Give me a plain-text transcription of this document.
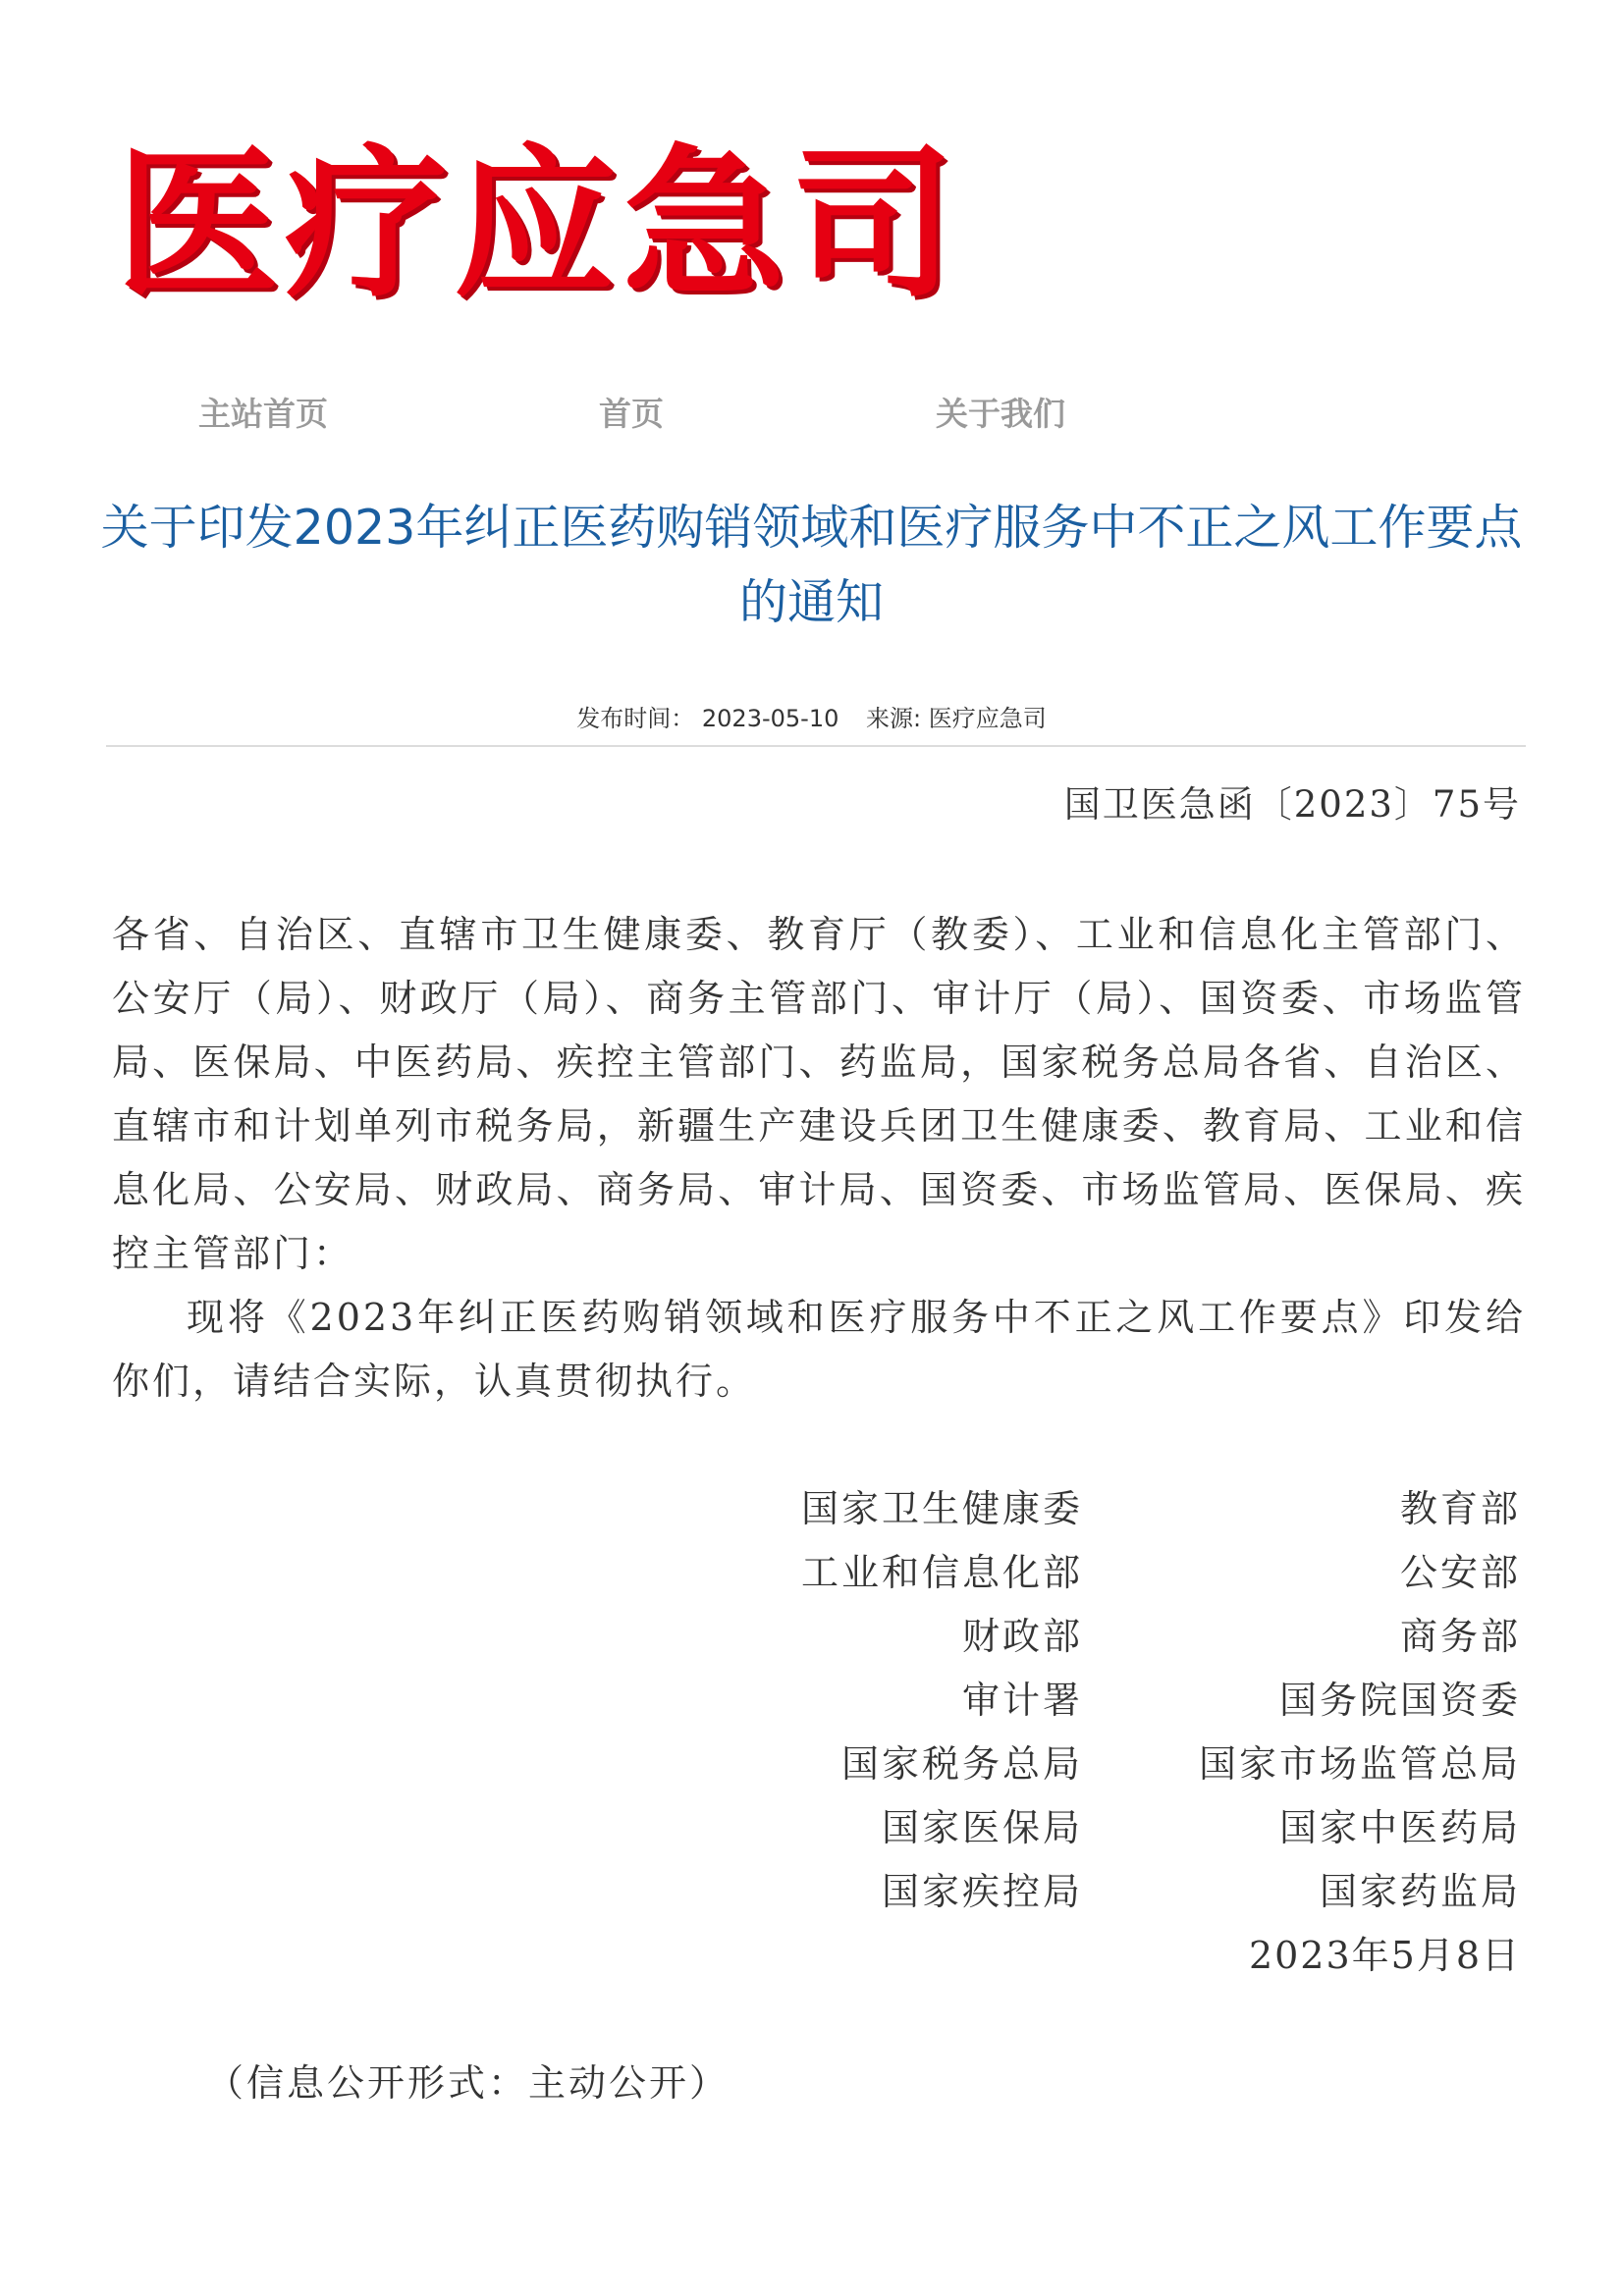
医疗应急司
主站首页	首页	关于我们
关于印发2023年纠正医药购销领域和医疗服务中不正之风工作要点的通知
发布时间： 2023-05-10 来源: 医疗应急司
国卫医急函〔2023〕75号

各省、自治区、直辖市卫生健康委、教育厅（教委）、工业和信息化主管部门、公安厅（局）、财政厅（局）、商务主管部门、审计厅（局）、国资委、市场监管局、医保局、中医药局、疾控主管部门、药监局，国家税务总局各省、自治区、直辖市和计划单列市税务局，新疆生产建设兵团卫生健康委、教育局、工业和信息化局、公安局、财政局、商务局、审计局、国资委、市场监管局、医保局、疾控主管部门：

现将《2023年纠正医药购销领域和医疗服务中不正之风工作要点》印发给你们，请结合实际，认真贯彻执行。

国家卫生健康委	教育部
工业和信息化部	公安部
财政部	商务部
审计署	国务院国资委
国家税务总局	国家市场监管总局
国家医保局	国家中医药局
国家疾控局	国家药监局
2023年5月8日
（信息公开形式：主动公开）
